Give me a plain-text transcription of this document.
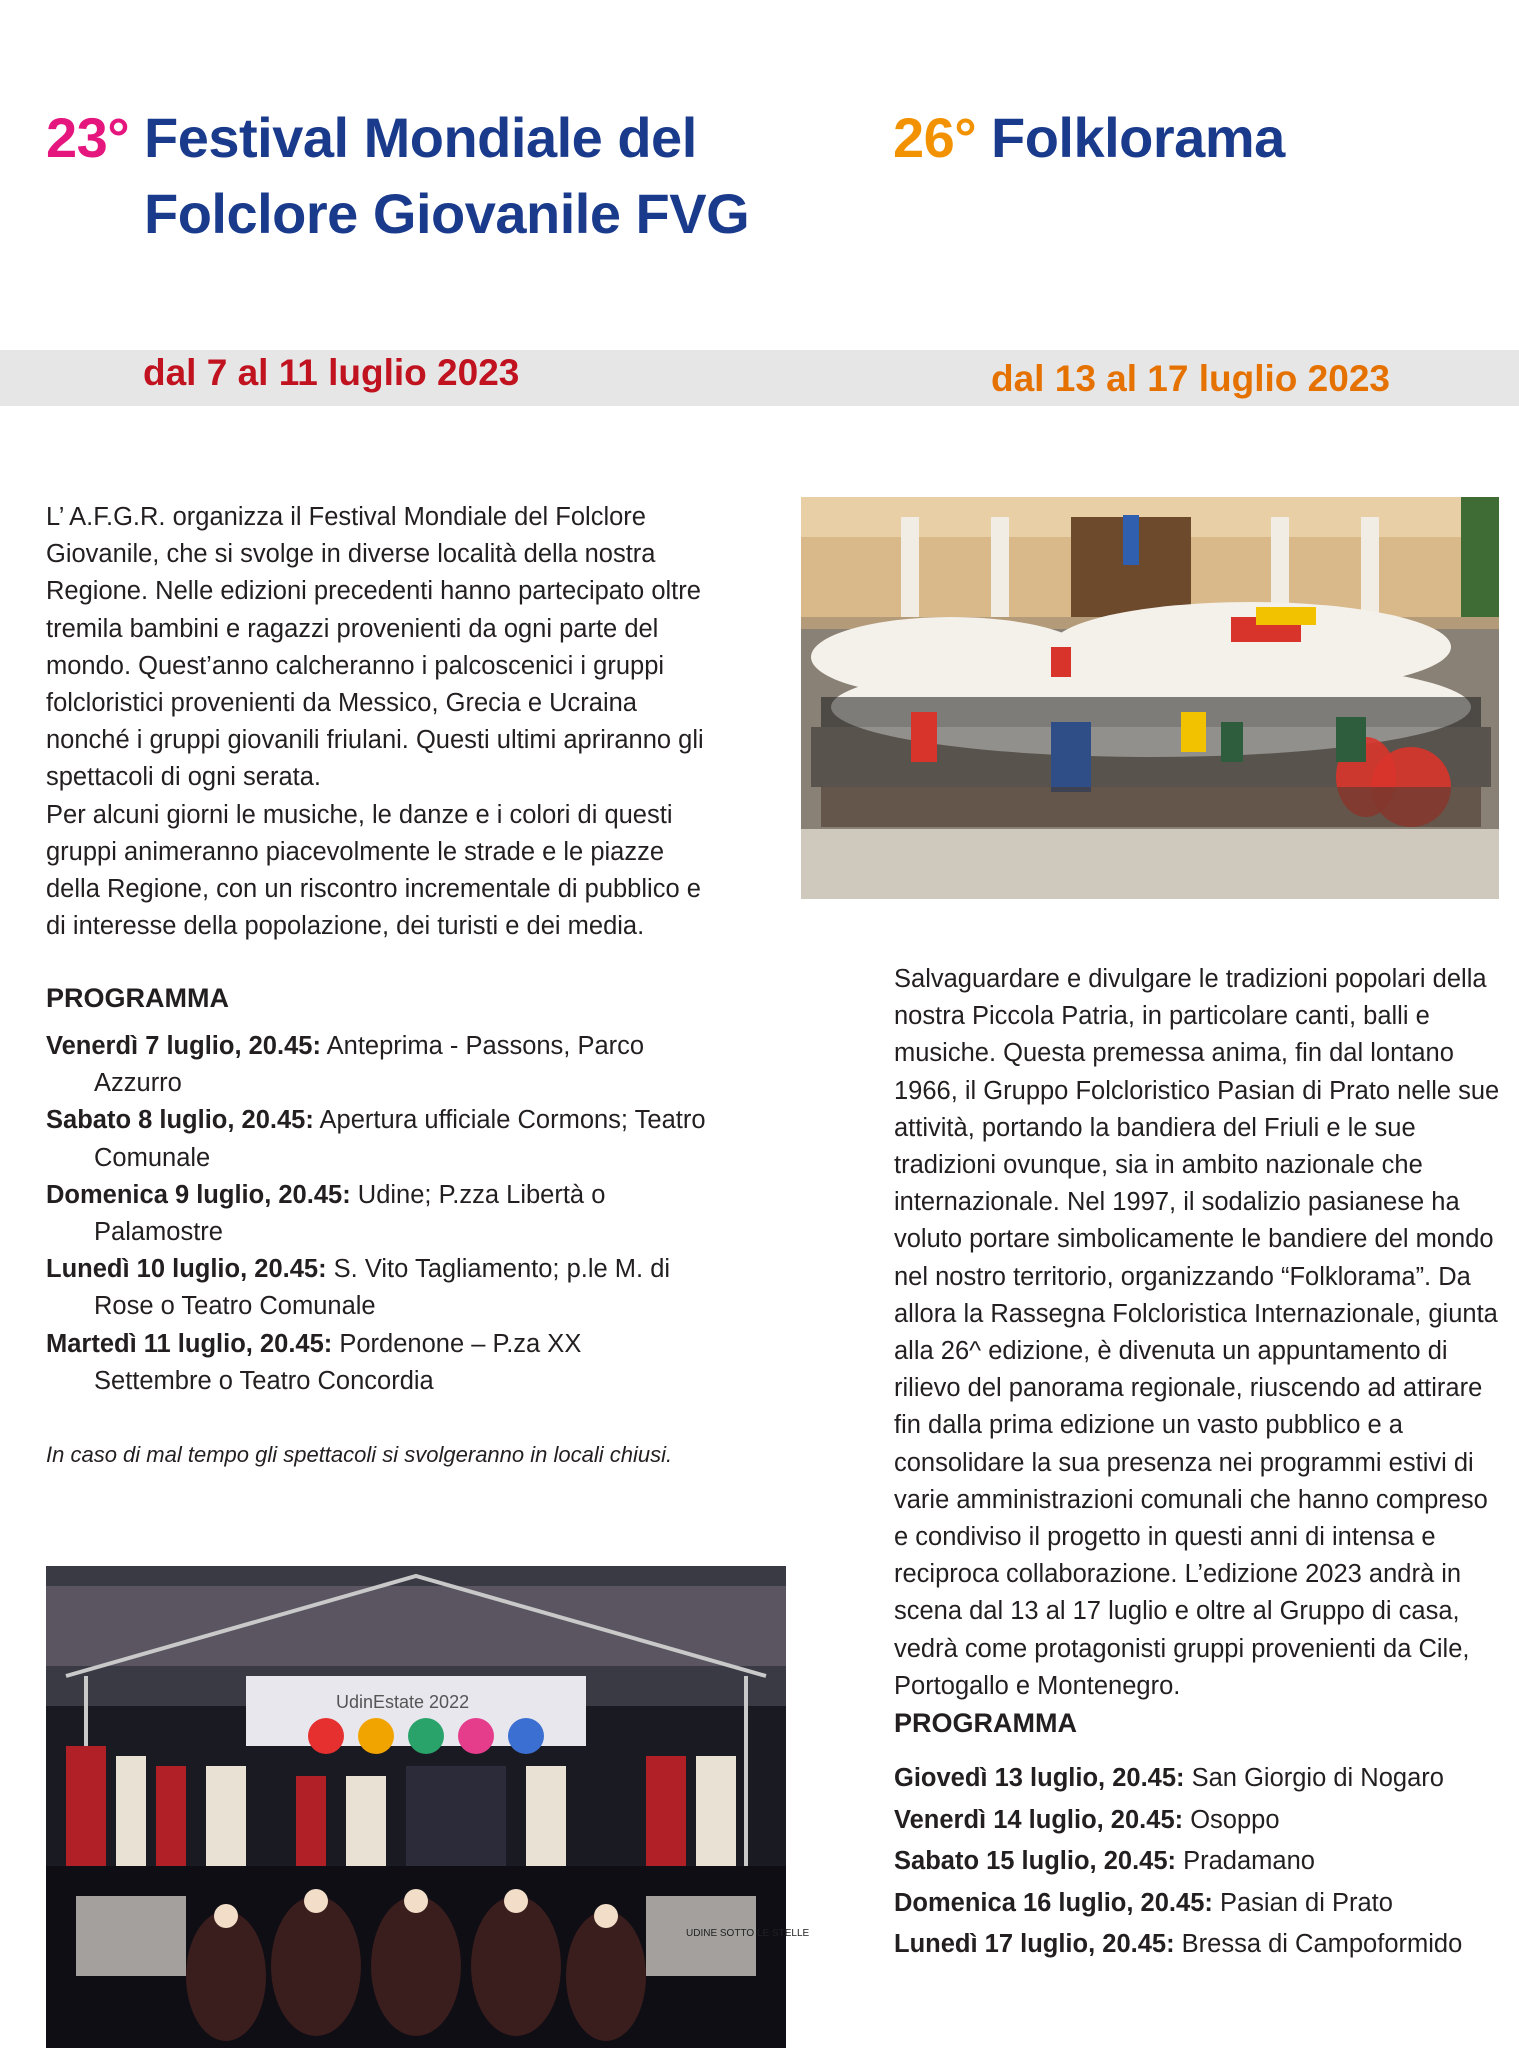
23° Festival Mondiale del
Folclore Giovanile FVG
26° Folklorama
dal 7 al 11 luglio 2023	dal 13 al 17 luglio 2023
L’ A.F.G.R. organizza il Festival Mondiale del Folclore Giovanile, che si svolge in diverse località della nostra Regione. Nelle edizioni precedenti hanno partecipato oltre tremila bambini e ragazzi provenienti da ogni parte del mondo. Quest’anno calcheranno i palcoscenici i gruppi folcloristici provenienti da Messico, Grecia e Ucraina nonché i gruppi giovanili friulani. Questi ultimi apriranno gli spettacoli di ogni serata.
Per alcuni giorni le musiche, le danze e i colori di questi gruppi animeranno piacevolmente le strade e le piazze della Regione, con un riscontro incrementale di pubblico e di interesse della popolazione, dei turisti e dei media.
PROGRAMMA
Venerdì 7 luglio, 20.45: Anteprima - Passons, Parco Azzurro
Sabato 8 luglio, 20.45: Apertura ufficiale Cormons; Teatro Comunale
Domenica 9 luglio, 20.45: Udine; P.zza Libertà o Palamostre
Lunedì 10 luglio, 20.45: S. Vito Tagliamento; p.le M. di Rose o Teatro Comunale
Martedì 11 luglio, 20.45: Pordenone – P.za XX Settembre o Teatro Concordia
In caso di mal tempo gli spettacoli si svolgeranno in locali chiusi.
Salvaguardare e divulgare le tradizioni popolari della nostra Piccola Patria, in particolare canti, balli e musiche. Questa premessa anima, fin dal lontano 1966, il Gruppo Folcloristico Pasian di Prato nelle sue attività, portando la bandiera del Friuli e le sue tradizioni ovunque, sia in ambito nazionale che internazionale. Nel 1997, il sodalizio pasianese ha voluto portare simbolicamente le bandiere del mondo nel nostro territorio, organizzando “Folklorama”. Da allora la Rassegna Folcloristica Internazionale, giunta alla 26^ edizione, è divenuta un appuntamento di rilievo del panorama regionale, riuscendo ad attirare fin dalla prima edizione un vasto pubblico e a consolidare la sua presenza nei programmi estivi di varie amministrazioni comunali che hanno compreso e condiviso il progetto in questi anni di intensa e reciproca collaborazione. L’edizione 2023 andrà in scena dal 13 al 17 luglio e oltre al Gruppo di casa, vedrà come protagonisti gruppi provenienti da Cile, Portogallo e Montenegro.
PROGRAMMA
Giovedì 13 luglio, 20.45: San Giorgio di Nogaro
Venerdì 14 luglio, 20.45: Osoppo
Sabato 15 luglio, 20.45: Pradamano
Domenica 16 luglio, 20.45: Pasian di Prato
Lunedì 17 luglio, 20.45: Bressa di Campoformido
UdinEstate 2022
UDINE SOTTO LE STELLE
